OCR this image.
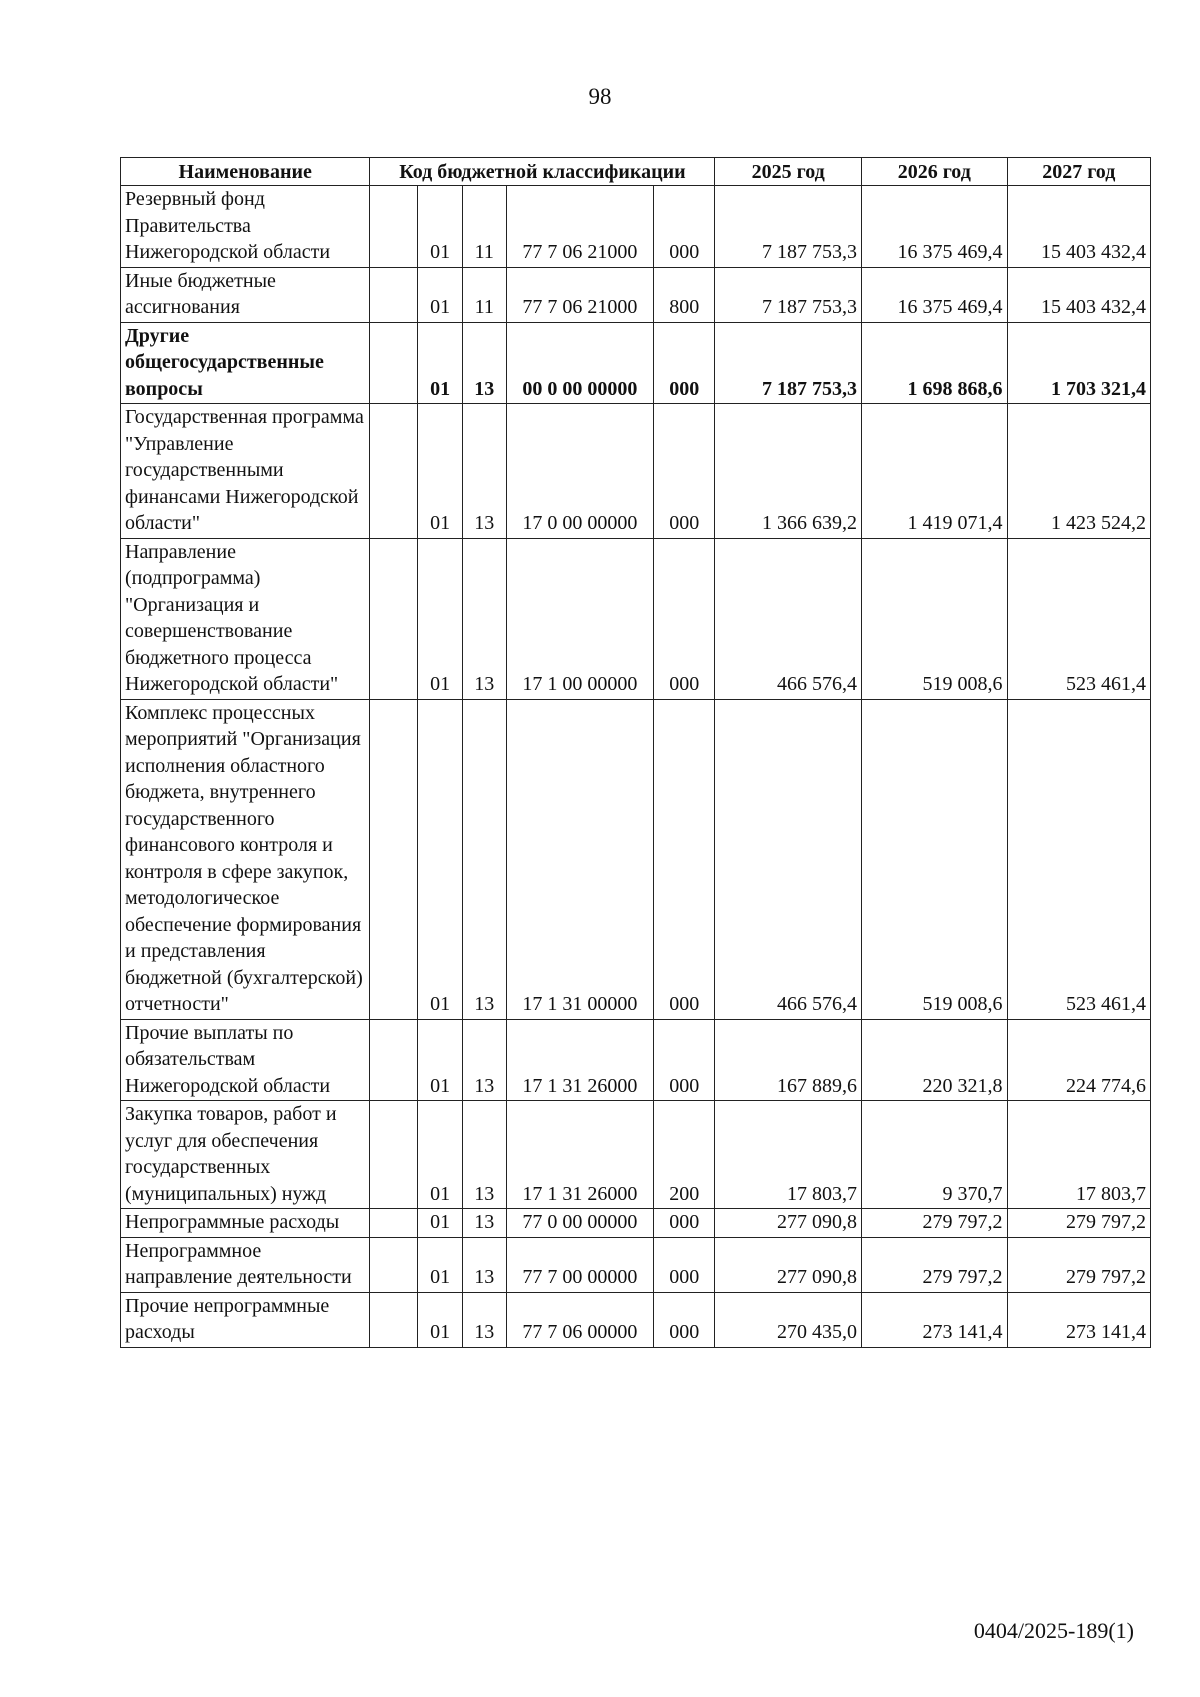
98
Наименование	Код бюджетной классификации					2025 год	2026 год	2027 год
Резервный фонд Правительства Нижегородской области		01	11	77 7 06 21000	000	7 187 753,3	16 375 469,4	15 403 432,4
Иные бюджетные ассигнования		01	11	77 7 06 21000	800	7 187 753,3	16 375 469,4	15 403 432,4
Другие общегосударственные вопросы		01	13	00 0 00 00000	000	7 187 753,3	1 698 868,6	1 703 321,4
Государственная программа "Управление государственными финансами Нижегородской области"		01	13	17 0 00 00000	000	1 366 639,2	1 419 071,4	1 423 524,2
Направление (подпрограмма) "Организация и совершенствование бюджетного процесса Нижегородской области"		01	13	17 1 00 00000	000	466 576,4	519 008,6	523 461,4
Комплекс процессных мероприятий "Организация исполнения областного бюджета, внутреннего государственного финансового контроля и контроля в сфере закупок, методологическое обеспечение формирования и представления бюджетной (бухгалтерской) отчетности"		01	13	17 1 31 00000	000	466 576,4	519 008,6	523 461,4
Прочие выплаты по обязательствам Нижегородской области		01	13	17 1 31 26000	000	167 889,6	220 321,8	224 774,6
Закупка товаров, работ и услуг для обеспечения государственных (муниципальных) нужд		01	13	17 1 31 26000	200	17 803,7	9 370,7	17 803,7
Непрограммные расходы		01	13	77 0 00 00000	000	277 090,8	279 797,2	279 797,2
Непрограммное направление деятельности		01	13	77 7 00 00000	000	277 090,8	279 797,2	279 797,2
Прочие непрограммные расходы		01	13	77 7 06 00000	000	270 435,0	273 141,4	273 141,4
0404/2025-189(1)
